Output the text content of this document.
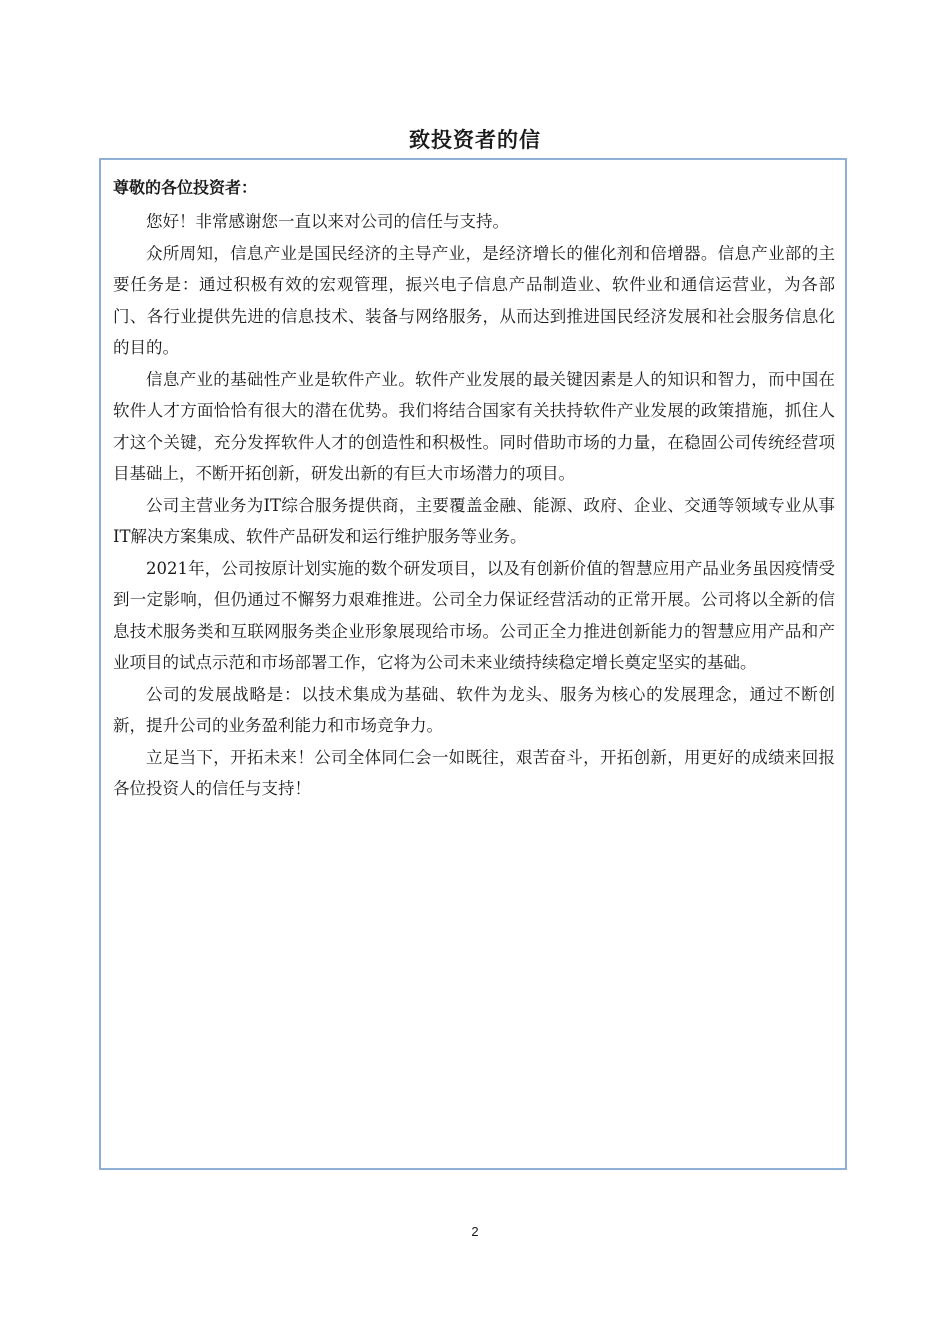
致投资者的信

尊敬的各位投资者：

您好！非常感谢您一直以来对公司的信任与支持。

众所周知，信息产业是国民经济的主导产业，是经济增长的催化剂和倍增器。信息产业部的主要任务是：通过积极有效的宏观管理，振兴电子信息产品制造业、软件业和通信运营业，为各部门、各行业提供先进的信息技术、装备与网络服务，从而达到推进国民经济发展和社会服务信息化的目的。

信息产业的基础性产业是软件产业。软件产业发展的最关键因素是人的知识和智力，而中国在软件人才方面恰恰有很大的潜在优势。我们将结合国家有关扶持软件产业发展的政策措施，抓住人才这个关键，充分发挥软件人才的创造性和积极性。同时借助市场的力量，在稳固公司传统经营项目基础上，不断开拓创新，研发出新的有巨大市场潜力的项目。

公司主营业务为IT综合服务提供商，主要覆盖金融、能源、政府、企业、交通等领域专业从事IT解决方案集成、软件产品研发和运行维护服务等业务。

2021年，公司按原计划实施的数个研发项目，以及有创新价值的智慧应用产品业务虽因疫情受到一定影响，但仍通过不懈努力艰难推进。公司全力保证经营活动的正常开展。公司将以全新的信息技术服务类和互联网服务类企业形象展现给市场。公司正全力推进创新能力的智慧应用产品和产业项目的试点示范和市场部署工作，它将为公司未来业绩持续稳定增长奠定坚实的基础。

公司的发展战略是：以技术集成为基础、软件为龙头、服务为核心的发展理念，通过不断创新，提升公司的业务盈利能力和市场竞争力。

立足当下，开拓未来！公司全体同仁会一如既往，艰苦奋斗，开拓创新，用更好的成绩来回报各位投资人的信任与支持！

2
